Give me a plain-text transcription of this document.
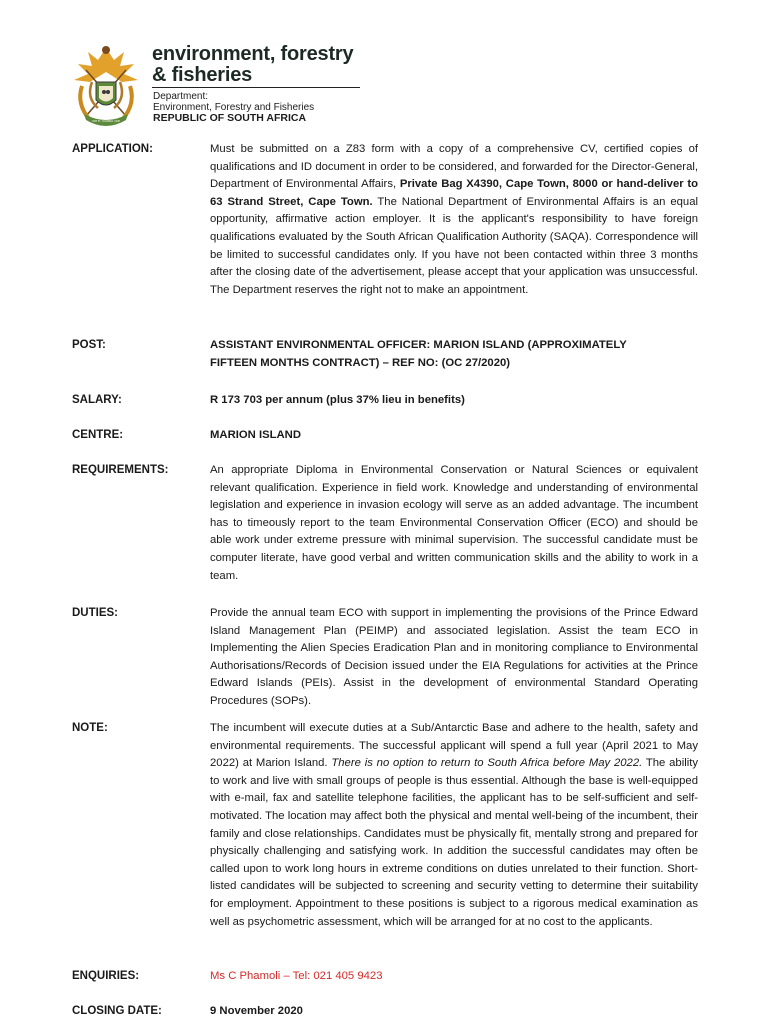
!KE E: /XARRA //KE
environment, forestry
& fisheries
Department:
Environment, Forestry and Fisheries
REPUBLIC OF SOUTH AFRICA
APPLICATION:	Must be submitted on a Z83 form with a copy of a comprehensive CV, certified copies of qualifications and ID document in order to be considered, and forwarded for the Director-General, Department of Environmental Affairs, Private Bag X4390, Cape Town, 8000 or hand-deliver to 63 Strand Street, Cape Town. The National Department of Environmental Affairs is an equal opportunity, affirmative action employer. It is the applicant's responsibility to have foreign qualifications evaluated by the South African Qualification Authority (SAQA). Correspondence will be limited to successful candidates only. If you have not been contacted within three 3 months after the closing date of the advertisement, please accept that your application was unsuccessful. The Department reserves the right not to make an appointment.
POST:	ASSISTANT ENVIRONMENTAL OFFICER: MARION ISLAND (APPROXIMATELY
FIFTEEN MONTHS CONTRACT) – REF NO: (OC 27/2020)
SALARY:	R 173 703 per annum (plus 37% lieu in benefits)
CENTRE:	MARION ISLAND
REQUIREMENTS:	An appropriate Diploma in Environmental Conservation or Natural Sciences or equivalent relevant qualification. Experience in field work. Knowledge and understanding of environmental legislation and experience in invasion ecology will serve as an added advantage. The incumbent has to timeously report to the team Environmental Conservation Officer (ECO) and should be able work under extreme pressure with minimal supervision. The successful candidate must be computer literate, have good verbal and written communication skills and the ability to work in a team.
DUTIES:	Provide the annual team ECO with support in implementing the provisions of the Prince Edward Island Management Plan (PEIMP) and associated legislation. Assist the team ECO in Implementing the Alien Species Eradication Plan and in monitoring compliance to Environmental Authorisations/Records of Decision issued under the EIA Regulations for activities at the Prince Edward Islands (PEIs). Assist in the development of environmental Standard Operating Procedures (SOPs).
NOTE:	The incumbent will execute duties at a Sub/Antarctic Base and adhere to the health, safety and environmental requirements. The successful applicant will spend a full year (April 2021 to May 2022) at Marion Island. There is no option to return to South Africa before May 2022. The ability to work and live with small groups of people is thus essential. Although the base is well-equipped with e-mail, fax and satellite telephone facilities, the applicant has to be self-sufficient and self-motivated. The location may affect both the physical and mental well-being of the incumbent, their family and close relationships. Candidates must be physically fit, mentally strong and prepared for physically challenging and satisfying work. In addition the successful candidates may often be called upon to work long hours in extreme conditions on duties unrelated to their function. Short-listed candidates will be subjected to screening and security vetting to determine their suitability for employment. Appointment to these positions is subject to a rigorous medical examination as well as psychometric assessment, which will be arranged for at no cost to the applicants.
ENQUIRIES:	Ms C Phamoli – Tel: 021 405 9423
CLOSING DATE:	9 November 2020
